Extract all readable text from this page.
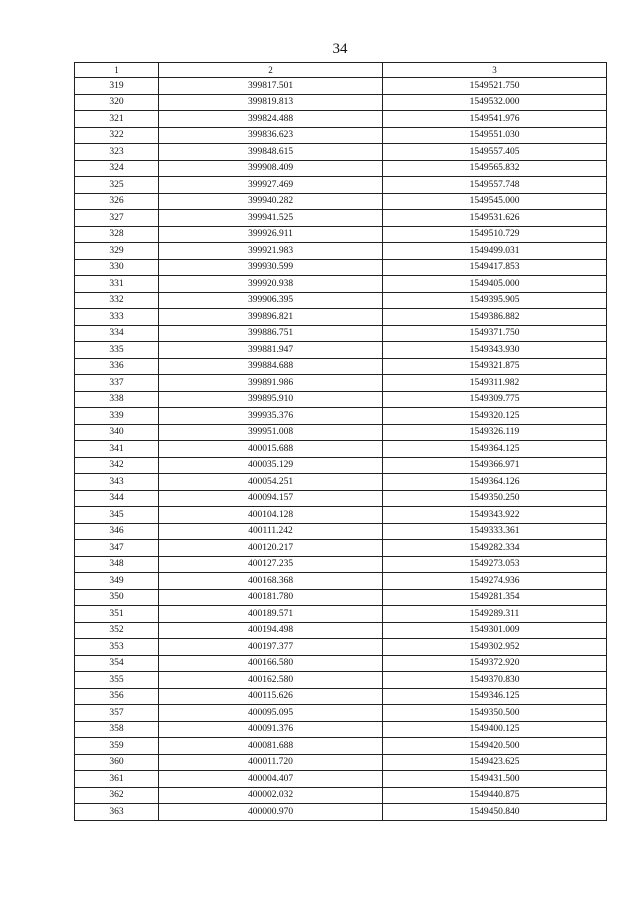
34
1	2	3
319	399817.501	1549521.750
320	399819.813	1549532.000
321	399824.488	1549541.976
322	399836.623	1549551.030
323	399848.615	1549557.405
324	399908.409	1549565.832
325	399927.469	1549557.748
326	399940.282	1549545.000
327	399941.525	1549531.626
328	399926.911	1549510.729
329	399921.983	1549499.031
330	399930.599	1549417.853
331	399920.938	1549405.000
332	399906.395	1549395.905
333	399896.821	1549386.882
334	399886.751	1549371.750
335	399881.947	1549343.930
336	399884.688	1549321.875
337	399891.986	1549311.982
338	399895.910	1549309.775
339	399935.376	1549320.125
340	399951.008	1549326.119
341	400015.688	1549364.125
342	400035.129	1549366.971
343	400054.251	1549364.126
344	400094.157	1549350.250
345	400104.128	1549343.922
346	400111.242	1549333.361
347	400120.217	1549282.334
348	400127.235	1549273.053
349	400168.368	1549274.936
350	400181.780	1549281.354
351	400189.571	1549289.311
352	400194.498	1549301.009
353	400197.377	1549302.952
354	400166.580	1549372.920
355	400162.580	1549370.830
356	400115.626	1549346.125
357	400095.095	1549350.500
358	400091.376	1549400.125
359	400081.688	1549420.500
360	400011.720	1549423.625
361	400004.407	1549431.500
362	400002.032	1549440.875
363	400000.970	1549450.840
